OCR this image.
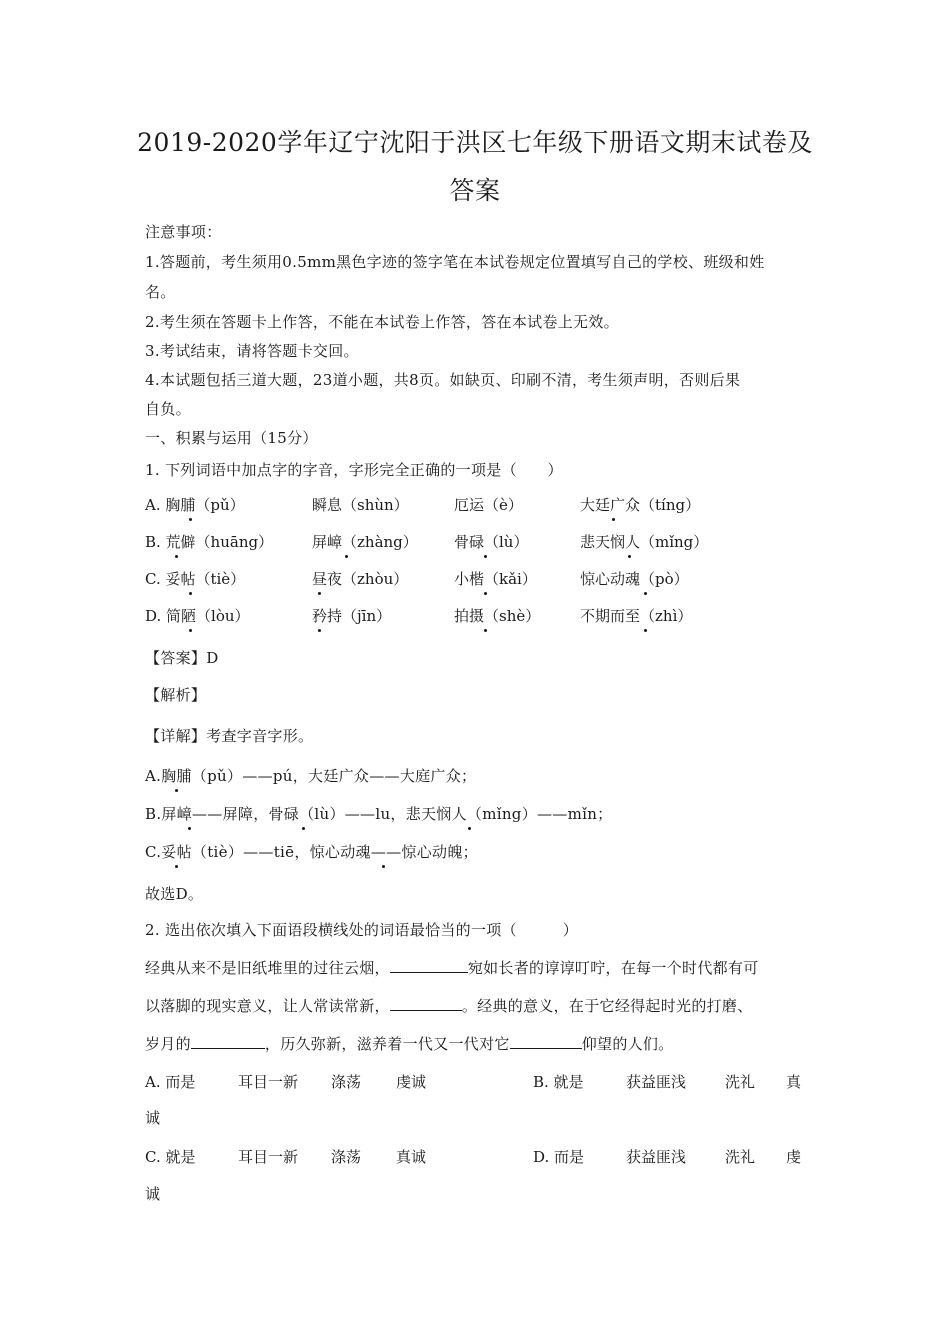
2019-2020学年辽宁沈阳于洪区七年级下册语文期末试卷及
答案
注意事项：
1.答题前，考生须用0.5mm黑色字迹的签字笔在本试卷规定位置填写自己的学校、班级和姓
名。
2.考生须在答题卡上作答，不能在本试卷上作答，答在本试卷上无效。
3.考试结束，请将答题卡交回。
4.本试题包括三道大题，23道小题，共8页。如缺页、印刷不清，考生须声明，否则后果
自负。
一、积累与运用（15分）
1. 下列词语中加点字的字音，字形完全正确的一项是（　　）
A. 胸脯（pǔ）	瞬息（shùn）	厄运（è）	大廷广众（tíng）
B. 荒僻（huāng）	屏嶂（zhàng） 骨碌（lù）	悲天悯人（mǐng）
C. 妥帖（tiè）	昼夜（zhòu）	小楷（kǎi）	惊心动魂（pò）
D. 简陋（lòu）	矜持（jīn）	拍摄（shè）	不期而至（zhì）
【答案】D
【解析】
【详解】考查字音字形。
A.胸脯（pǔ）——pú，大廷广众——大庭广众；
B.屏嶂——屏障，骨碌（lù）——lu，悲天悯人（mǐng）——mǐn；
C.妥帖（tiè）——tiē，惊心动魂——惊心动魄；
故选D。
2. 选出依次填入下面语段横线处的词语最恰当的一项（　　　）
经典从来不是旧纸堆里的过往云烟，	宛如长者的谆谆叮咛，在每一个时代都有可
以落脚的现实意义，让人常读常新，	。经典的意义，在于它经得起时光的打磨、
岁月的	，历久弥新，滋养着一代又一代对它	仰望的人们。
A. 而是	耳目一新 涤荡 虔诚	B. 就是	获益匪浅	洗礼 真
诚
C. 就是	耳目一新 涤荡 真诚	D. 而是	获益匪浅	洗礼 虔
诚
